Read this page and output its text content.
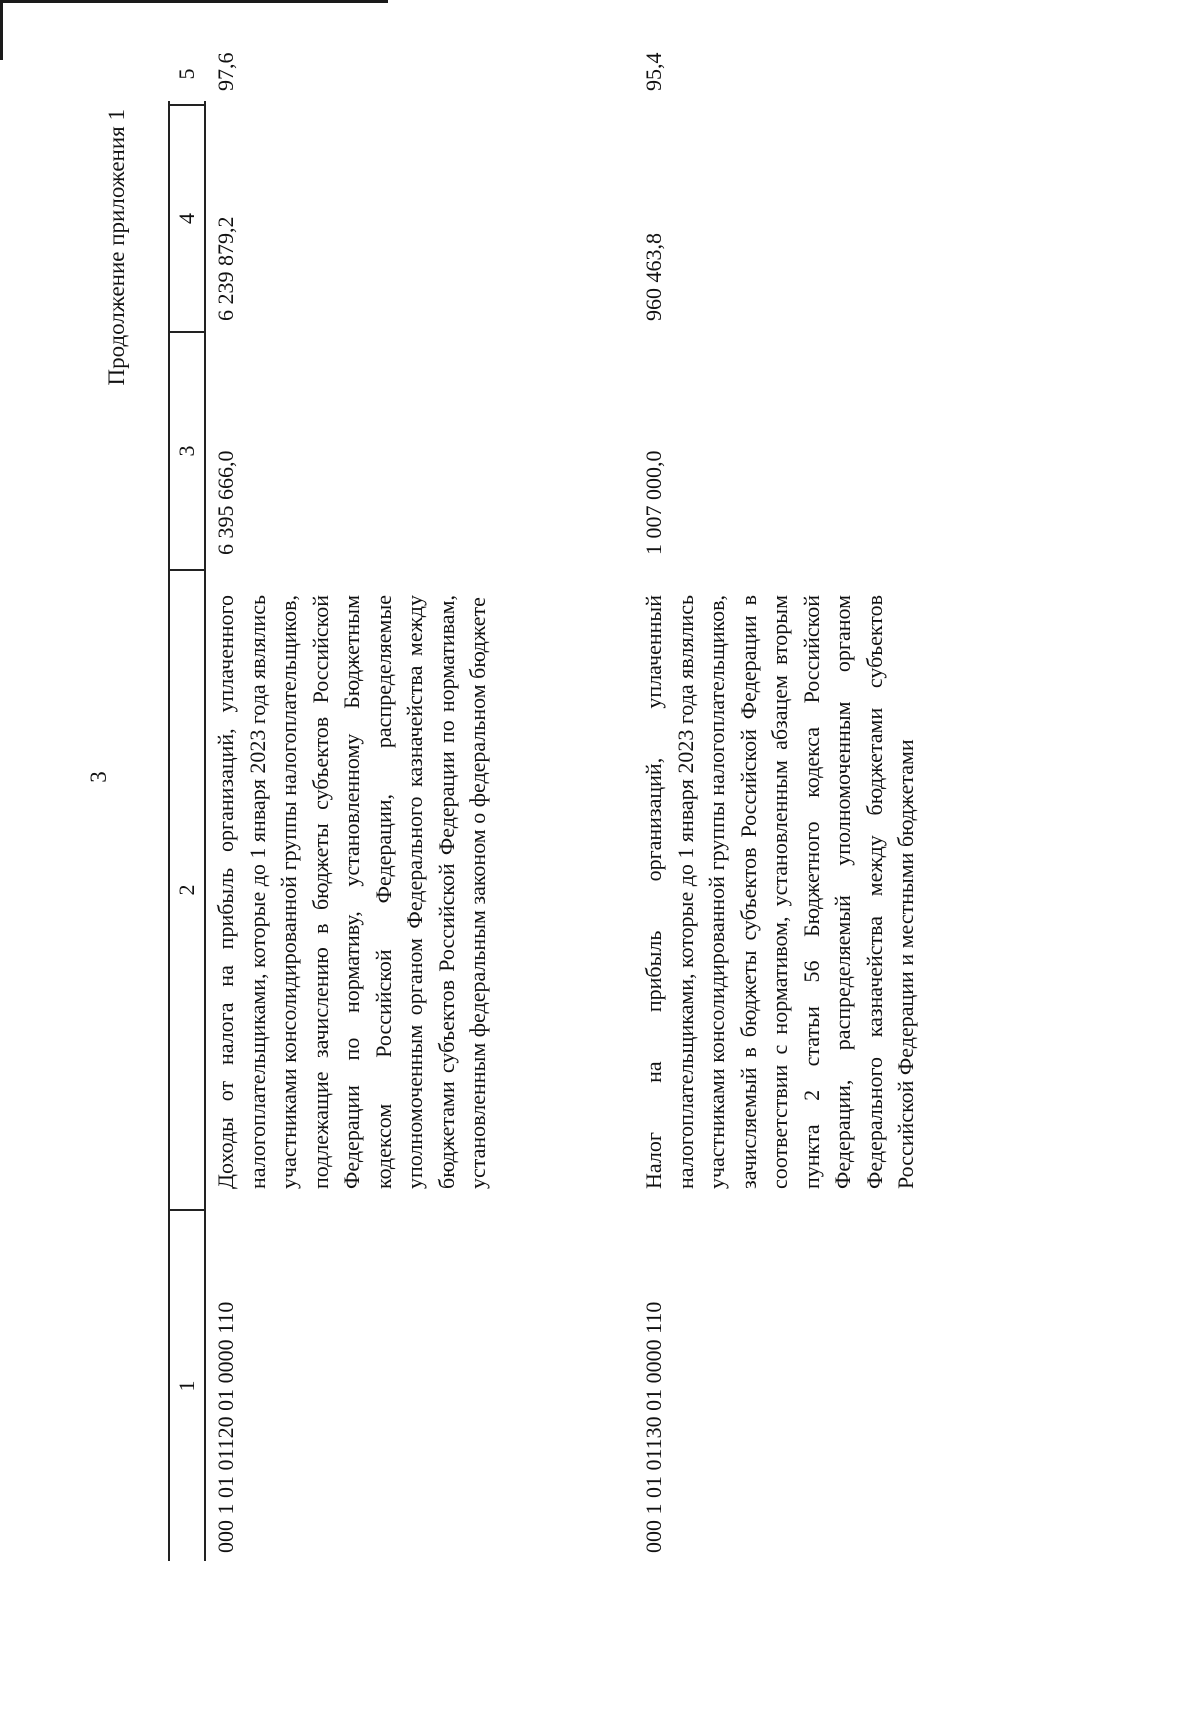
3
Продолжение приложения 1
1
2
3
4
5
000 1 01 01120 01 0000 110
Доходы от налога на прибыль организаций, уплаченного налогоплательщиками, которые до 1 января 2023 года являлись участниками консолидированной группы налогоплательщиков, подлежащие зачислению в бюджеты субъектов Российской Федерации по нормативу, установленному Бюджетным кодексом Российской Федерации, распределяемые уполномоченным органом Федерального казначейства между бюджетами субъектов Российской Федерации по нормативам, установленным федеральным законом о федеральном бюджете
6 395 666,0
6 239 879,2
97,6
000 1 01 01130 01 0000 110
Налог на прибыль организаций, уплаченный налогоплательщиками, которые до 1 января 2023 года являлись участниками консолидированной группы налогоплательщиков, зачисляемый в бюджеты субъектов Российской Федерации в соответствии с нормативом, установленным абзацем вторым пункта 2 статьи 56 Бюджетного кодекса Российской Федерации, распределяемый уполномоченным органом Федерального казначейства между бюджетами субъектов Российской Федерации и местными бюджетами
1 007 000,0
960 463,8
95,4
